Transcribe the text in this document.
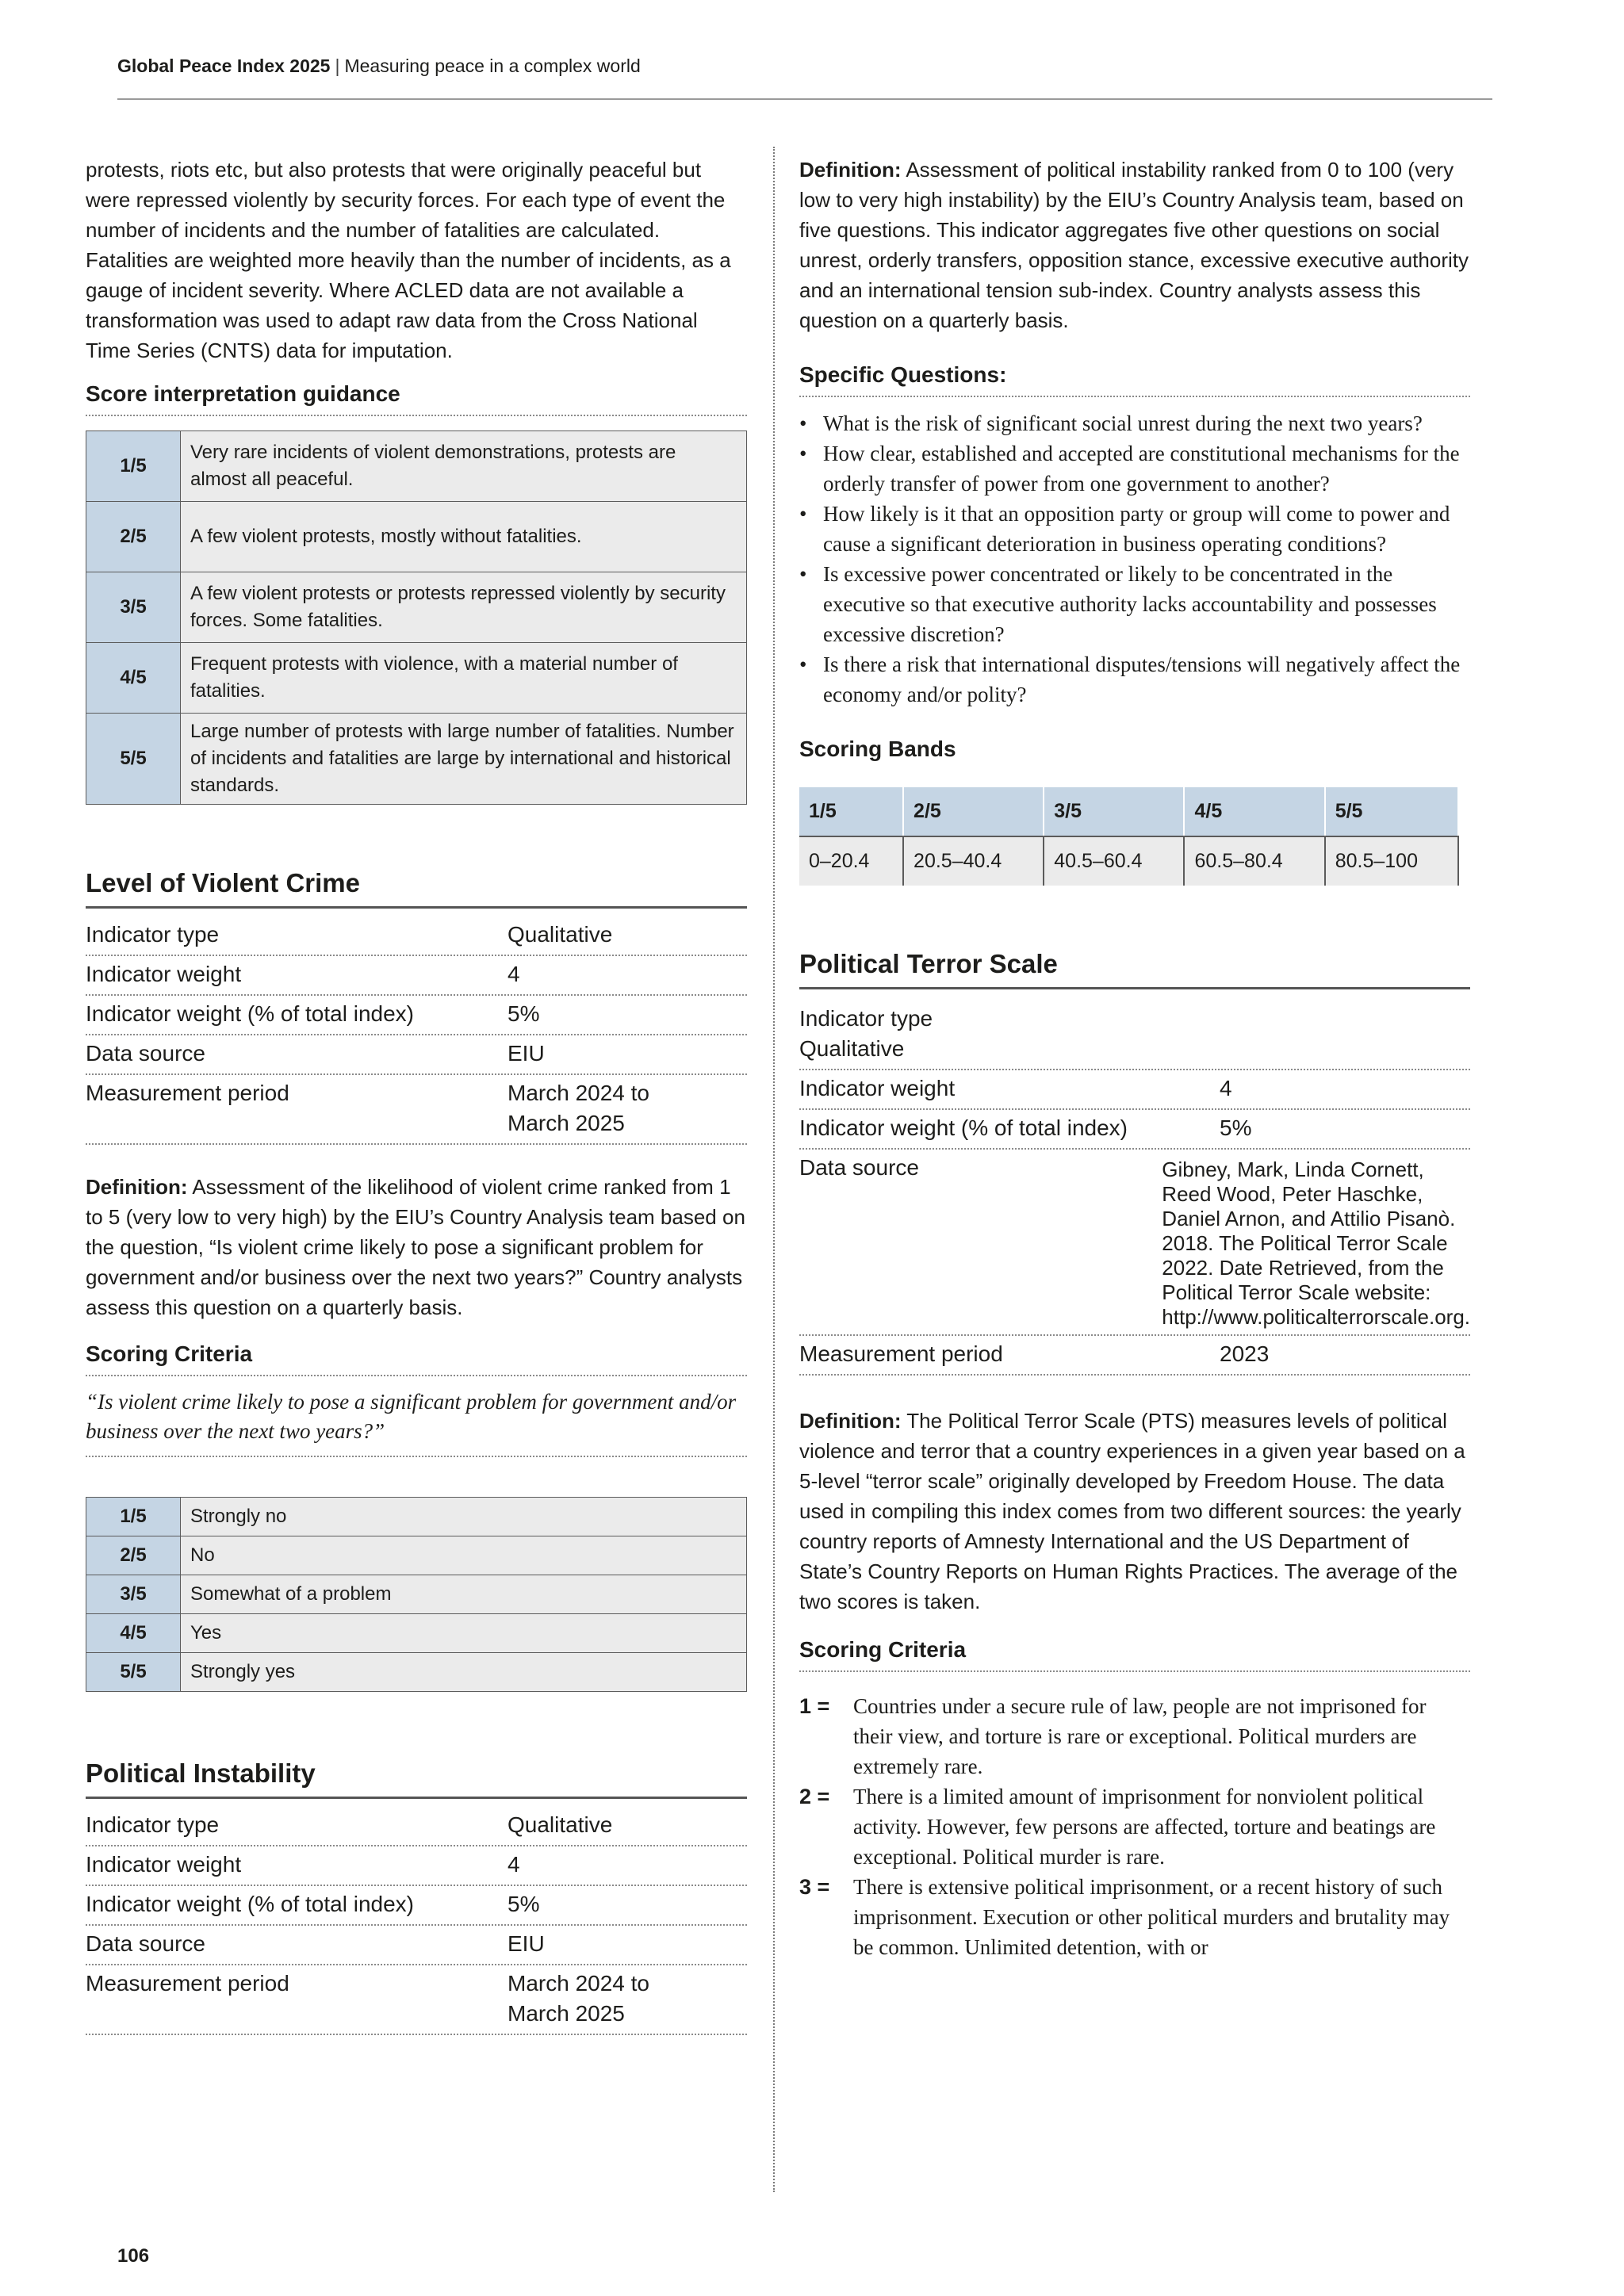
Global Peace Index 2025 | Measuring peace in a complex world

protests, riots etc, but also protests that were originally peaceful but were repressed violently by security forces. For each type of event the number of incidents and the number of fatalities are calculated. Fatalities are weighted more heavily than the number of incidents, as a gauge of incident severity. Where ACLED data are not available a transformation was used to adapt raw data from the Cross National Time Series (CNTS) data for imputation.

Score interpretation guidance
1/5	Very rare incidents of violent demonstrations, protests are almost all peaceful.
2/5	A few violent protests, mostly without fatalities.
3/5	A few violent protests or protests repressed violently by security forces. Some fatalities.
4/5	Frequent protests with violence, with a material number of fatalities.
5/5	Large number of protests with large number of fatalities. Number of incidents and fatalities are large by international and historical standards.
Level of Violent Crime
Indicator type	Qualitative
Indicator weight	4
Indicator weight (% of total index)	5%
Data source	EIU
Measurement period	March 2024 to March 2025

Definition: Assessment of the likelihood of violent crime ranked from 1 to 5 (very low to very high) by the EIU’s Country Analysis team based on the question, “Is violent crime likely to pose a significant problem for government and/or business over the next two years?” Country analysts assess this question on a quarterly basis.

Scoring Criteria

“Is violent crime likely to pose a significant problem for government and/or business over the next two years?”

1/5	Strongly no
2/5	No
3/5	Somewhat of a problem
4/5	Yes
5/5	Strongly yes
Political Instability
Indicator type	Qualitative
Indicator weight	4
Indicator weight (% of total index)	5%
Data source	EIU
Measurement period	March 2024 to March 2025

Definition: Assessment of political instability ranked from 0 to 100 (very low to very high instability) by the EIU’s Country Analysis team, based on five questions. This indicator aggregates five other questions on social unrest, orderly transfers, opposition stance, excessive executive authority and an international tension sub-index. Country analysts assess this question on a quarterly basis.

Specific Questions:
• What is the risk of significant social unrest during the next two years?
• How clear, established and accepted are constitutional mechanisms for the orderly transfer of power from one government to another?
• How likely is it that an opposition party or group will come to power and cause a significant deterioration in business operating conditions?
• Is excessive power concentrated or likely to be concentrated in the executive so that executive authority lacks accountability and possesses excessive discretion?
• Is there a risk that international disputes/tensions will negatively affect the economy and/or polity?
Scoring Bands
1/5	2/5	3/5	4/5	5/5
0–20.4	20.5–40.4	40.5–60.4	60.5–80.4	80.5–100
Political Terror Scale
Indicator type
Qualitative
Indicator weight	4
Indicator weight (% of total index)	5%
Data source	Gibney, Mark, Linda Cornett, Reed Wood, Peter Haschke, Daniel Arnon, and Attilio Pisanò. 2018. The Political Terror Scale 2022. Date Retrieved, from the Political Terror Scale website: http://www.politicalterrorscale.org.
Measurement period	2023

Definition: The Political Terror Scale (PTS) measures levels of political violence and terror that a country experiences in a given year based on a 5-level “terror scale” originally developed by Freedom House. The data used in compiling this index comes from two different sources: the yearly country reports of Amnesty International and the US Department of State’s Country Reports on Human Rights Practices. The average of the two scores is taken.

Scoring Criteria
1 =	Countries under a secure rule of law, people are not imprisoned for their view, and torture is rare or exceptional. Political murders are extremely rare.
2 =	There is a limited amount of imprisonment for nonviolent political activity. However, few persons are affected, torture and beatings are exceptional. Political murder is rare.
3 =	There is extensive political imprisonment, or a recent history of such imprisonment. Execution or other political murders and brutality may be common. Unlimited detention, with or
106
